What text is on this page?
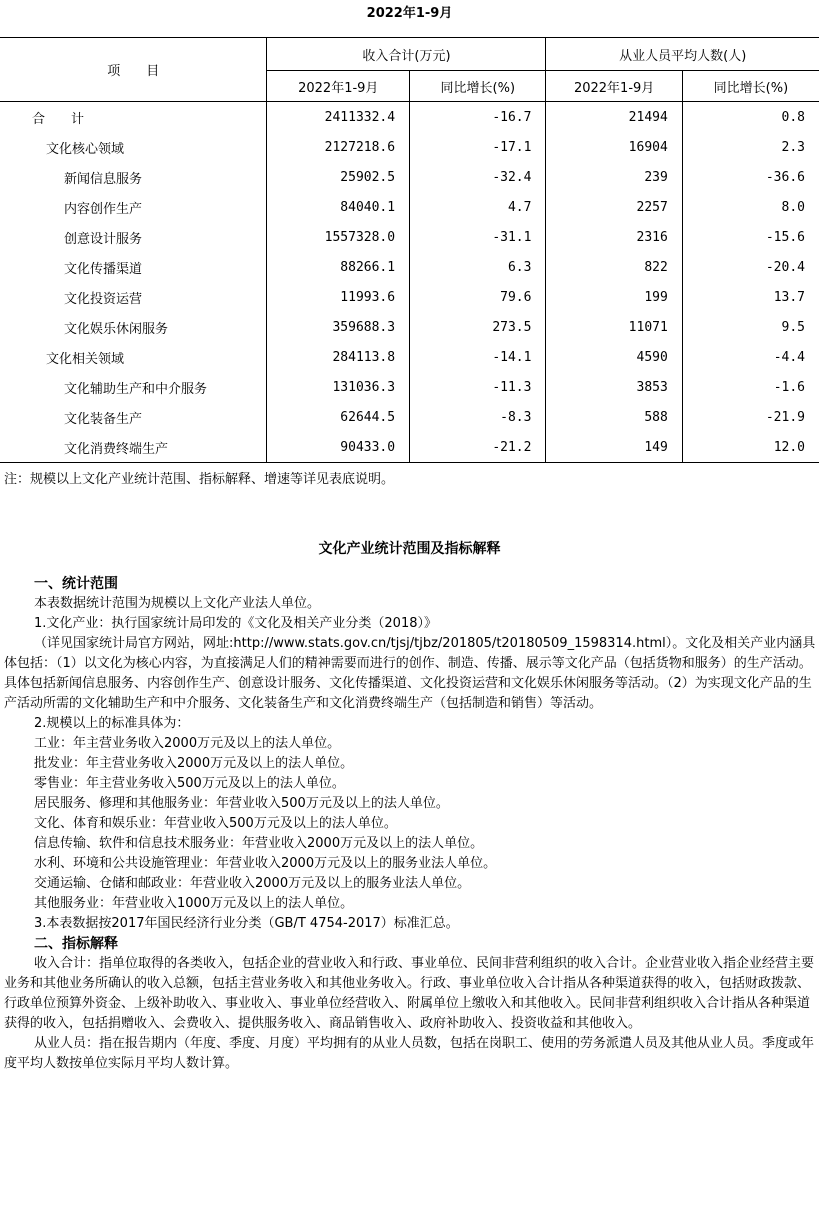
2022年1-9月
项　　目	收入合计(万元)		从业人员平均人数(人)	
	2022年1-9月	同比增长(%)	2022年1-9月	同比增长(%)
合　　计	2411332.4	-16.7	21494	0.8
文化核心领域	2127218.6	-17.1	16904	2.3
新闻信息服务	25902.5	-32.4	239	-36.6
内容创作生产	84040.1	4.7	2257	8.0
创意设计服务	1557328.0	-31.1	2316	-15.6
文化传播渠道	88266.1	6.3	822	-20.4
文化投资运营	11993.6	79.6	199	13.7
文化娱乐休闲服务	359688.3	273.5	11071	9.5
文化相关领域	284113.8	-14.1	4590	-4.4
文化辅助生产和中介服务	131036.3	-11.3	3853	-1.6
文化装备生产	62644.5	-8.3	588	-21.9
文化消费终端生产	90433.0	-21.2	149	12.0
注：规模以上文化产业统计范围、指标解释、增速等详见表底说明。
文化产业统计范围及指标解释
一、统计范围

本表数据统计范围为规模以上文化产业法人单位。

1.文化产业：执行国家统计局印发的《文化及相关产业分类（2018）》

（详见国家统计局官方网站，网址:http://www.stats.gov.cn/tjsj/tjbz/201805/t20180509_1598314.html）。文化及相关产业内涵具体包括：（1）以文化为核心内容，为直接满足人们的精神需要而进行的创作、制造、传播、展示等文化产品（包括货物和服务）的生产活动。具体包括新闻信息服务、内容创作生产、创意设计服务、文化传播渠道、文化投资运营和文化娱乐休闲服务等活动。（2）为实现文化产品的生产活动所需的文化辅助生产和中介服务、文化装备生产和文化消费终端生产（包括制造和销售）等活动。

2.规模以上的标准具体为：

工业：年主营业务收入2000万元及以上的法人单位。
批发业：年主营业务收入2000万元及以上的法人单位。
零售业：年主营业务收入500万元及以上的法人单位。
居民服务、修理和其他服务业：年营业收入500万元及以上的法人单位。
文化、体育和娱乐业：年营业收入500万元及以上的法人单位。
信息传输、软件和信息技术服务业：年营业收入2000万元及以上的法人单位。
水利、环境和公共设施管理业：年营业收入2000万元及以上的服务业法人单位。
交通运输、仓储和邮政业：年营业收入2000万元及以上的服务业法人单位。
其他服务业：年营业收入1000万元及以上的法人单位。

3.本表数据按2017年国民经济行业分类（GB/T 4754-2017）标准汇总。

二、指标解释

收入合计：指单位取得的各类收入，包括企业的营业收入和行政、事业单位、民间非营利组织的收入合计。企业营业收入指企业经营主要业务和其他业务所确认的收入总额，包括主营业务收入和其他业务收入。行政、事业单位收入合计指从各种渠道获得的收入，包括财政拨款、行政单位预算外资金、上级补助收入、事业收入、事业单位经营收入、附属单位上缴收入和其他收入。民间非营利组织收入合计指从各种渠道获得的收入，包括捐赠收入、会费收入、提供服务收入、商品销售收入、政府补助收入、投资收益和其他收入。

从业人员：指在报告期内（年度、季度、月度）平均拥有的从业人员数，包括在岗职工、使用的劳务派遣人员及其他从业人员。季度或年度平均人数按单位实际月平均人数计算。
